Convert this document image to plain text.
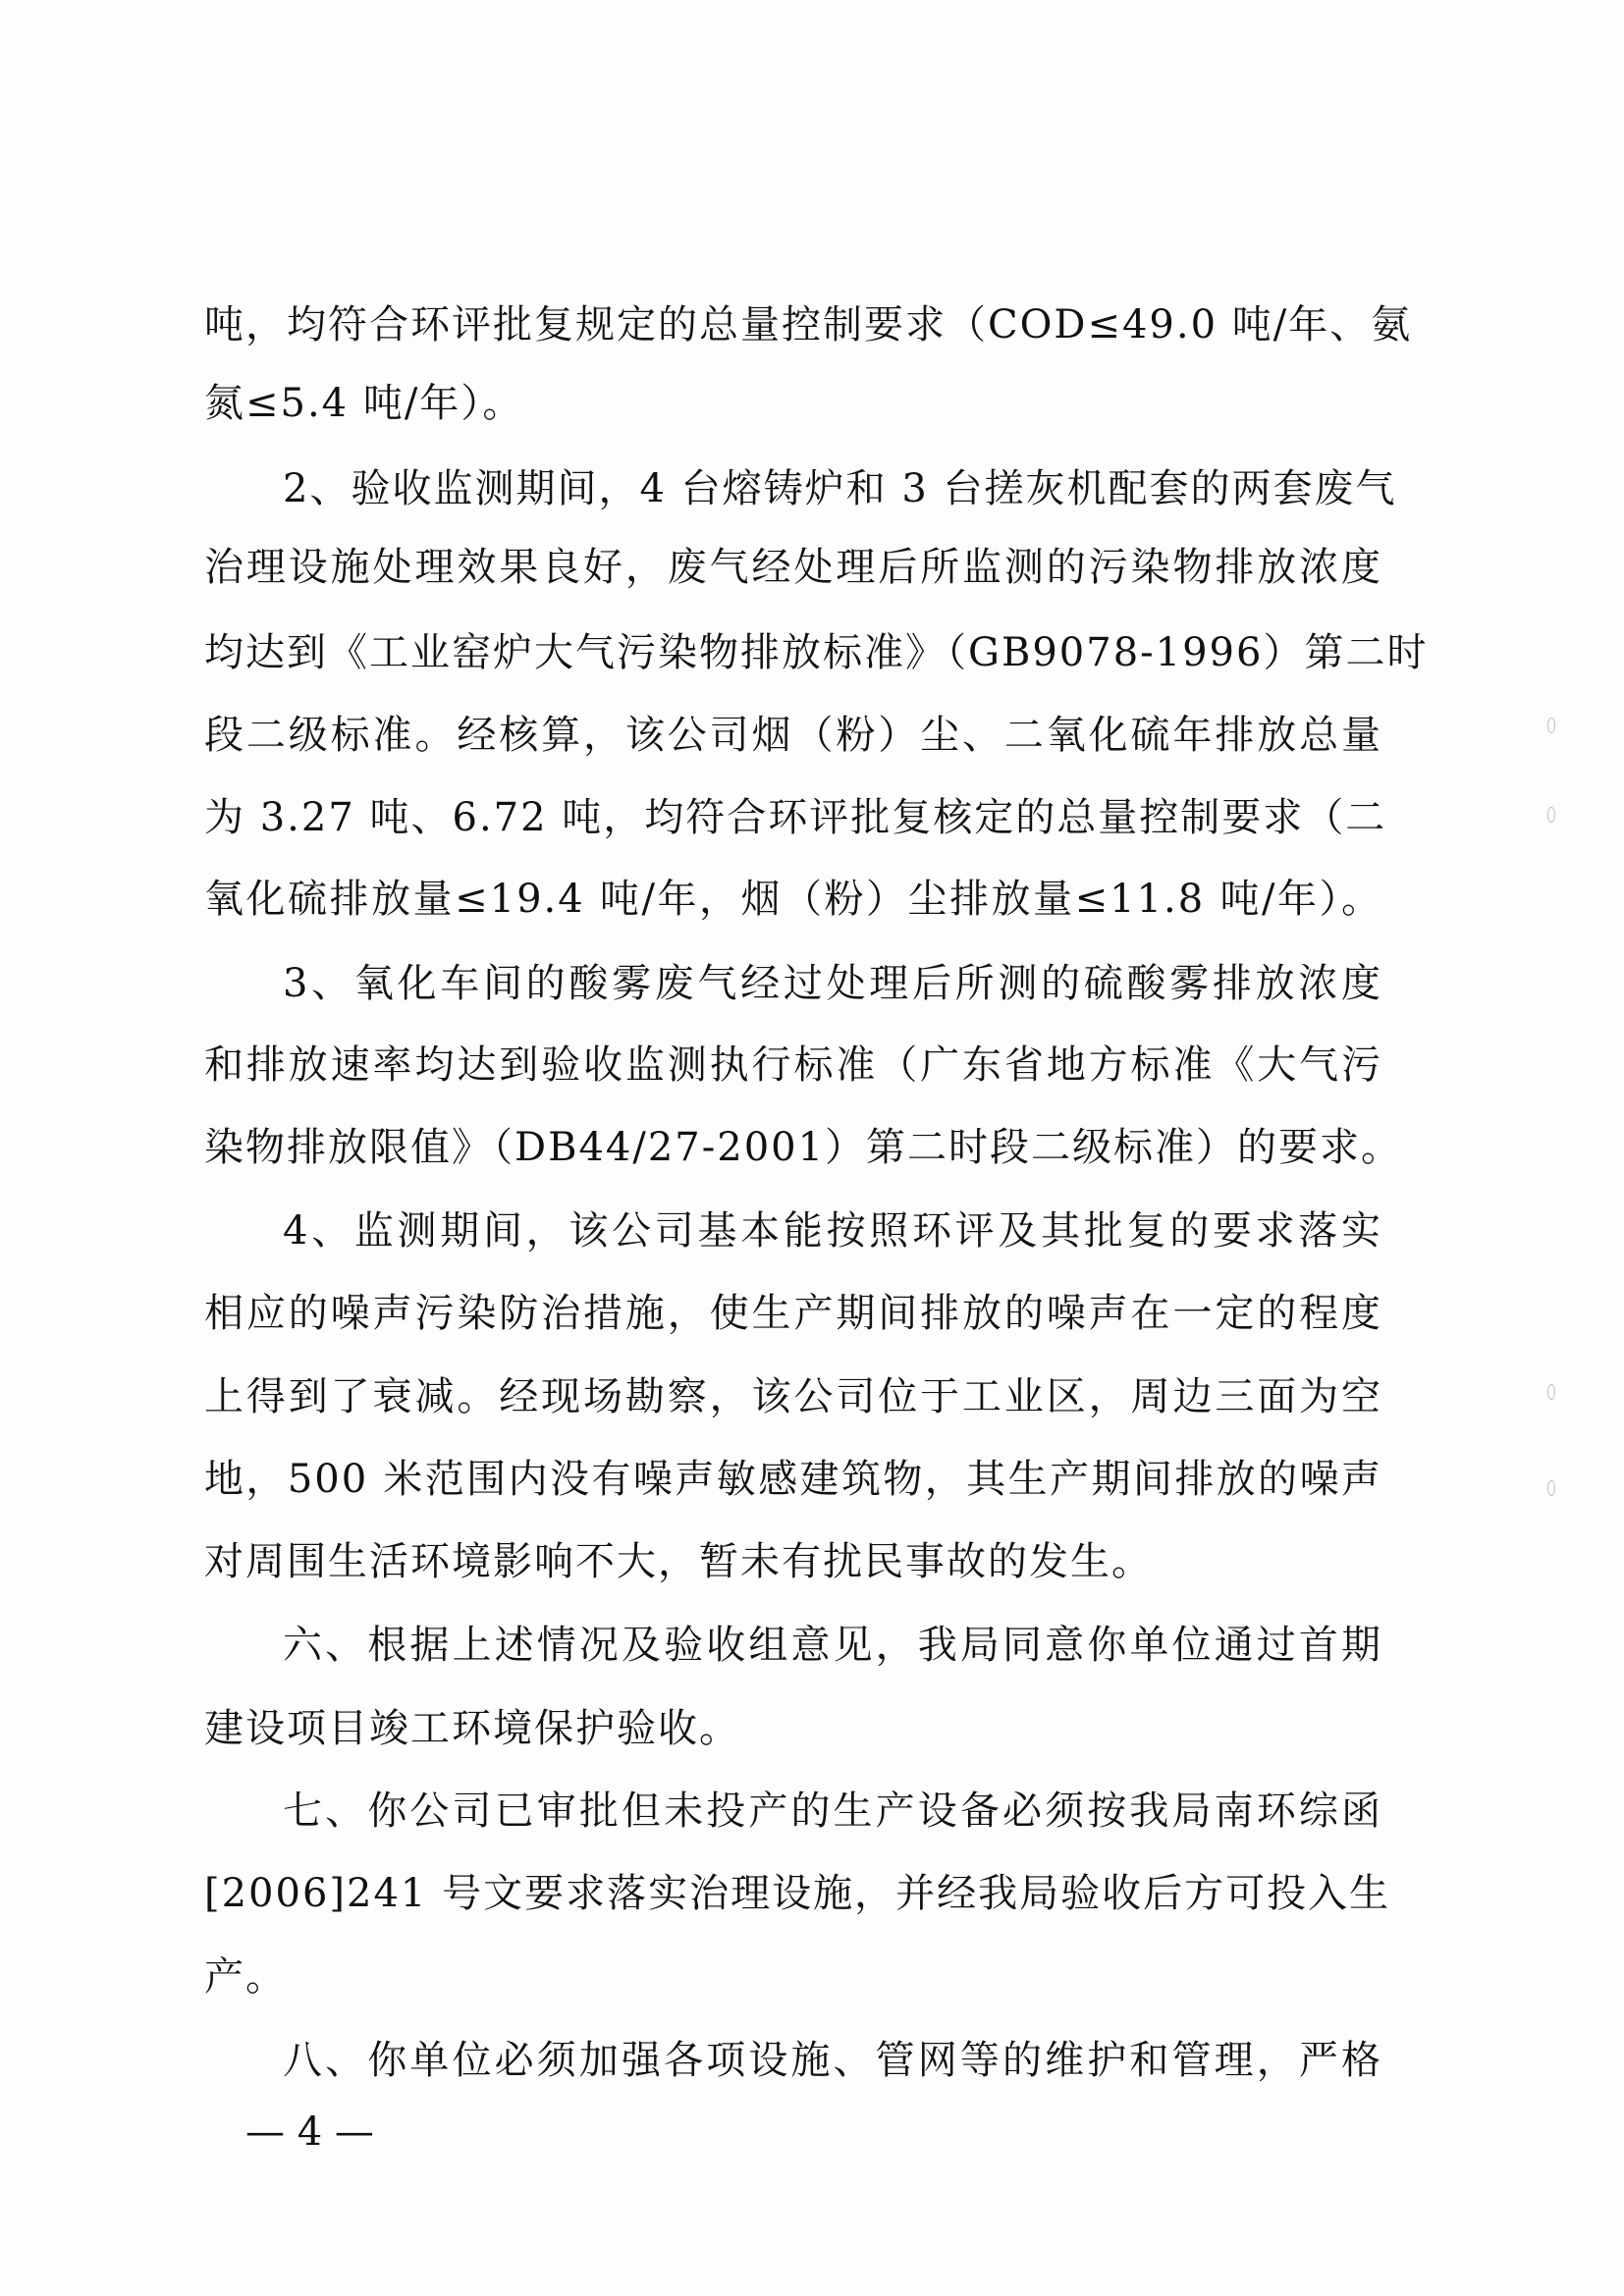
吨，均符合环评批复规定的总量控制要求（COD≤49.0 吨/年、氨
氮≤5.4 吨/年）。
2、验收监测期间，4 台熔铸炉和 3 台搓灰机配套的两套废气
治理设施处理效果良好，废气经处理后所监测的污染物排放浓度
均达到《工业窑炉大气污染物排放标准》（GB9078-1996）第二时
段二级标准。经核算，该公司烟（粉）尘、二氧化硫年排放总量
为 3.27 吨、6.72 吨，均符合环评批复核定的总量控制要求（二
氧化硫排放量≤19.4 吨/年，烟（粉）尘排放量≤11.8 吨/年）。
3、氧化车间的酸雾废气经过处理后所测的硫酸雾排放浓度
和排放速率均达到验收监测执行标准（广东省地方标准《大气污
染物排放限值》（DB44/27-2001）第二时段二级标准）的要求。
4、监测期间，该公司基本能按照环评及其批复的要求落实
相应的噪声污染防治措施，使生产期间排放的噪声在一定的程度
上得到了衰减。经现场勘察，该公司位于工业区，周边三面为空
地，500 米范围内没有噪声敏感建筑物，其生产期间排放的噪声
对周围生活环境影响不大，暂未有扰民事故的发生。
六、根据上述情况及验收组意见，我局同意你单位通过首期
建设项目竣工环境保护验收。
七、你公司已审批但未投产的生产设备必须按我局南环综函
[2006]241 号文要求落实治理设施，并经我局验收后方可投入生
产。
八、你单位必须加强各项设施、管网等的维护和管理，严格
— 4 —
